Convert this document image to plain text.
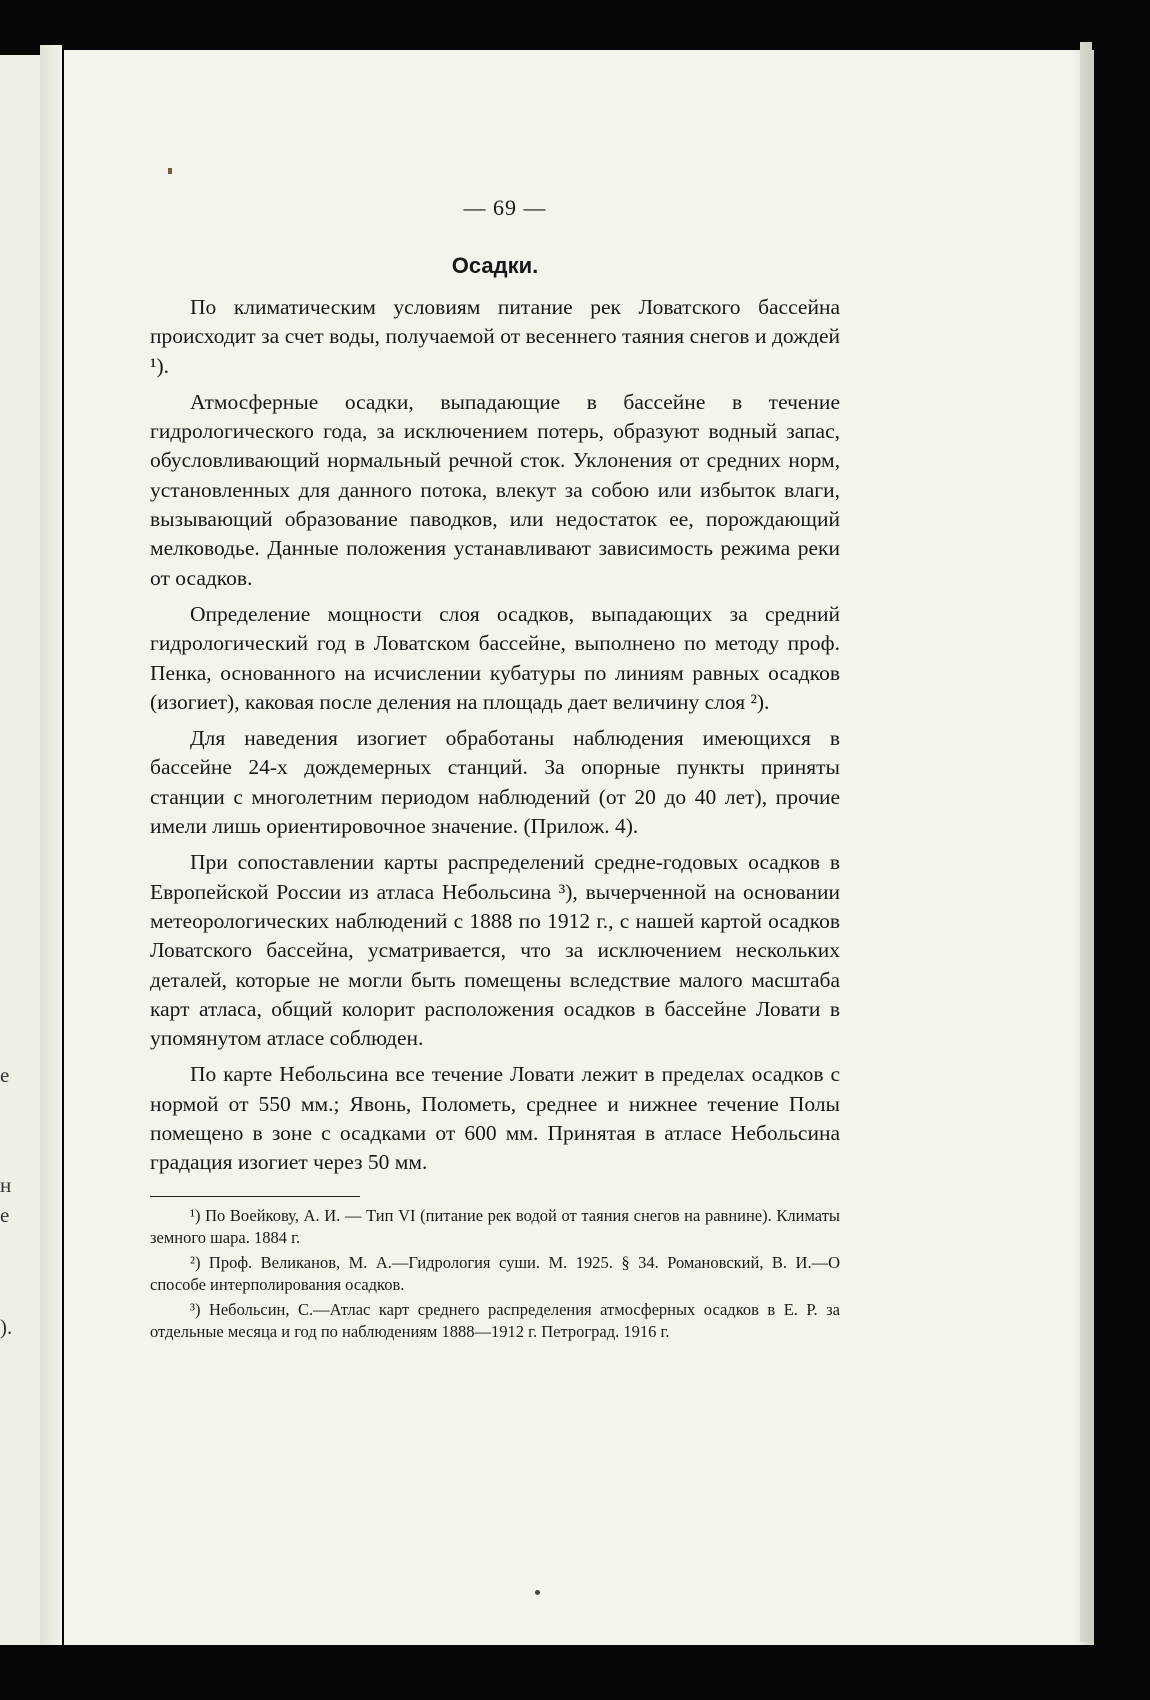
е
н
е
).
— 69 —
Осадки.

По климатическим условиям питание рек Ловатского бассейна происходит за счет воды, получаемой от весеннего таяния снегов и дождей ¹).

Атмосферные осадки, выпадающие в бассейне в течение гидрологического года, за исключением потерь, образуют водный запас, обусловливающий нормальный речной сток. Уклонения от средних норм, установленных для данного потока, влекут за собою или избыток влаги, вызывающий образование паводков, или недостаток ее, порождающий мелководье. Данные положения устанавливают зависимость режима реки от осадков.

Определение мощности слоя осадков, выпадающих за средний гидрологический год в Ловатском бассейне, выполнено по методу проф. Пенка, основанного на исчислении кубатуры по линиям равных осадков (изогиет), каковая после деления на площадь дает величину слоя ²).

Для наведения изогиет обработаны наблюдения имеющихся в бассейне 24-х дождемерных станций. За опорные пункты приняты станции с многолетним периодом наблюдений (от 20 до 40 лет), прочие имели лишь ориентировочное значение. (Прилож. 4).

При сопоставлении карты распределений средне-годовых осадков в Европейской России из атласа Небольсина ³), вычерченной на основании метеорологических наблюдений с 1888 по 1912 г., с нашей картой осадков Ловатского бассейна, усматривается, что за исключением нескольких деталей, которые не могли быть помещены вследствие малого масштаба карт атласа, общий колорит расположения осадков в бассейне Ловати в упомянутом атласе соблюден.

По карте Небольсина все течение Ловати лежит в пределах осадков с нормой от 550 мм.; Явонь, Полометь, среднее и нижнее течение Полы помещено в зоне с осадками от 600 мм. Принятая в атласе Небольсина градация изогиет через 50 мм.

¹) По Воейкову, А. И. — Тип VI (питание рек водой от таяния снегов на равнине). Климаты земного шара. 1884 г.

²) Проф. Великанов, М. А.—Гидрология суши. М. 1925. § 34. Романовский, В. И.—О способе интерполирования осадков.

³) Небольсин, С.—Атлас карт среднего распределения атмосферных осадков в Е. Р. за отдельные месяца и год по наблюдениям 1888—1912 г. Петроград. 1916 г.
